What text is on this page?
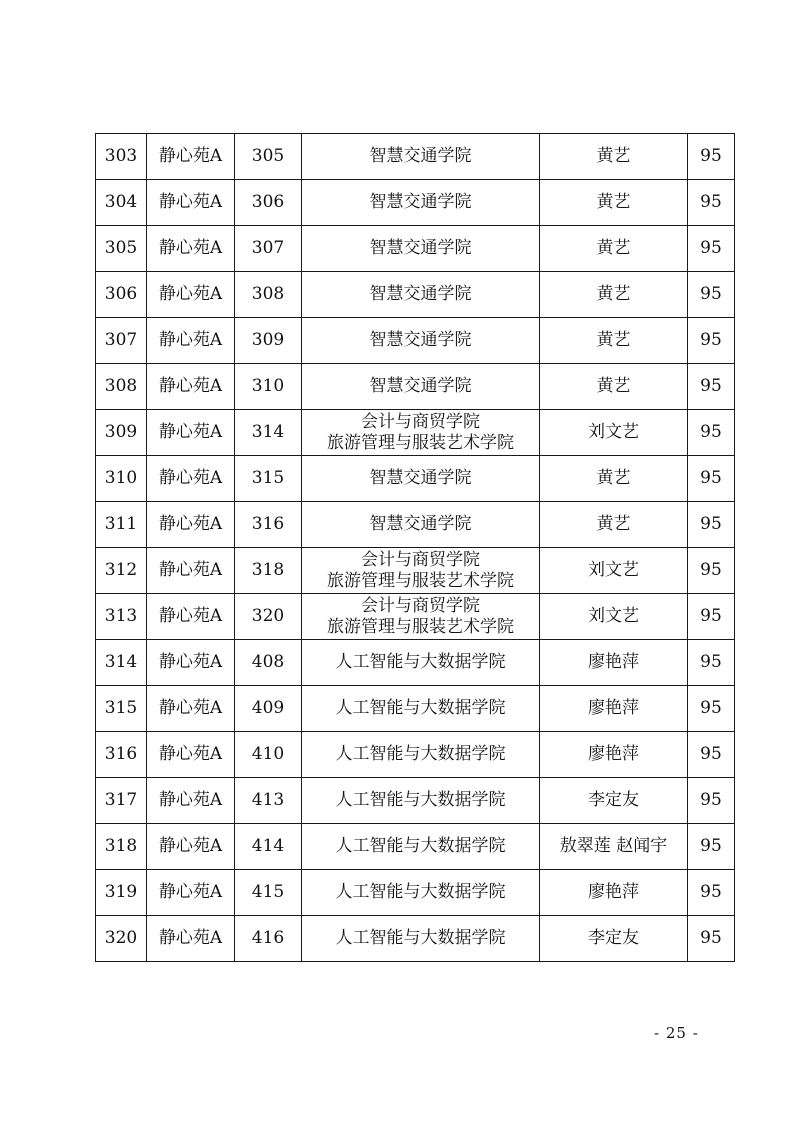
303	静心苑A	305	智慧交通学院	黄艺	95
304	静心苑A	306	智慧交通学院	黄艺	95
305	静心苑A	307	智慧交通学院	黄艺	95
306	静心苑A	308	智慧交通学院	黄艺	95
307	静心苑A	309	智慧交通学院	黄艺	95
308	静心苑A	310	智慧交通学院	黄艺	95
309	静心苑A	314	会计与商贸学院
旅游管理与服装艺术学院	刘文艺	95
310	静心苑A	315	智慧交通学院	黄艺	95
311	静心苑A	316	智慧交通学院	黄艺	95
312	静心苑A	318	会计与商贸学院
旅游管理与服装艺术学院	刘文艺	95
313	静心苑A	320	会计与商贸学院
旅游管理与服装艺术学院	刘文艺	95
314	静心苑A	408	人工智能与大数据学院	廖艳萍	95
315	静心苑A	409	人工智能与大数据学院	廖艳萍	95
316	静心苑A	410	人工智能与大数据学院	廖艳萍	95
317	静心苑A	413	人工智能与大数据学院	李定友	95
318	静心苑A	414	人工智能与大数据学院	敖翠莲 赵闻宇	95
319	静心苑A	415	人工智能与大数据学院	廖艳萍	95
320	静心苑A	416	人工智能与大数据学院	李定友	95
- 25 -
